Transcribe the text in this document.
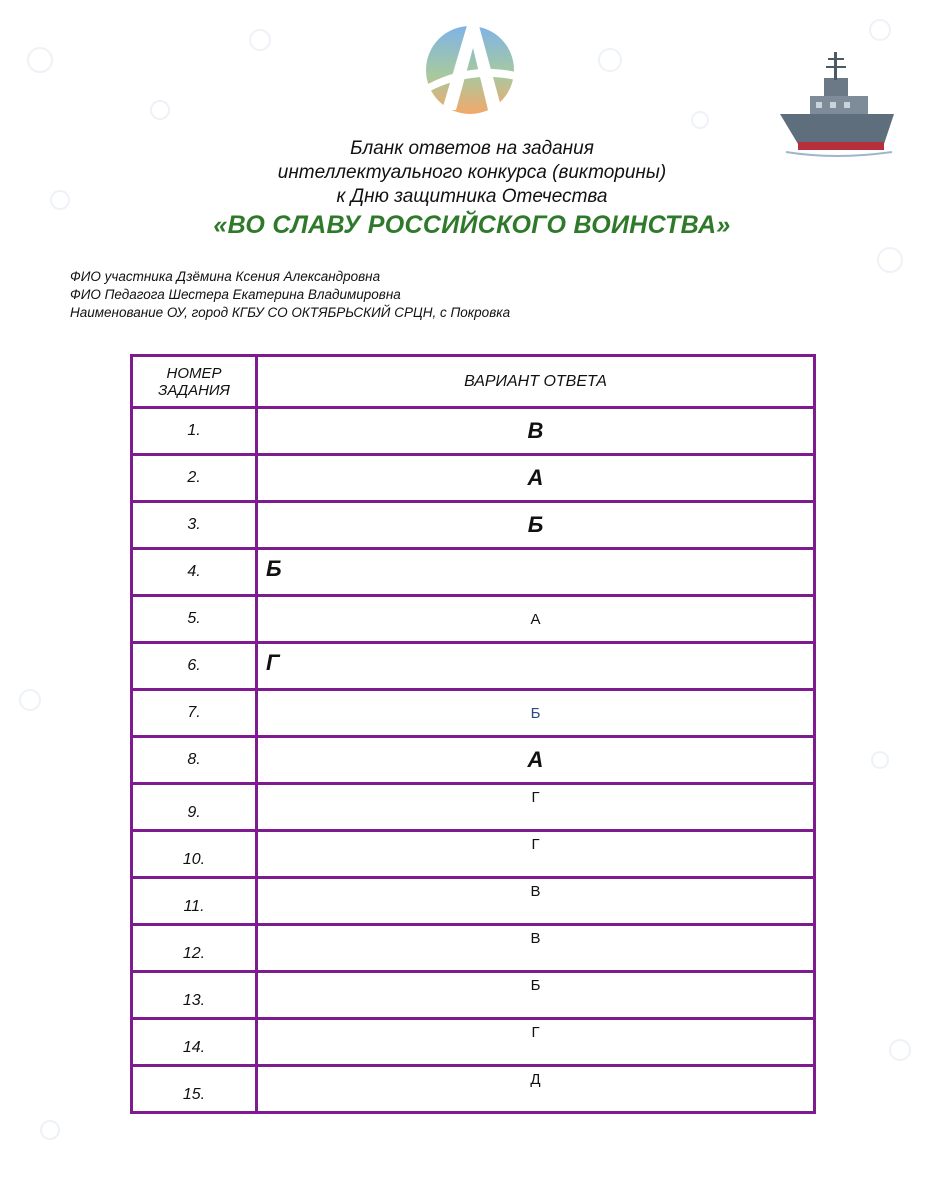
Бланк ответов на задания
интеллектуального конкурса (викторины)
к Дню защитника Отечества
«ВО СЛАВУ РОССИЙСКОГО ВОИНСТВА»
ФИО участника Дзёмина Ксения Александровна
ФИО Педагога Шестера Екатерина Владимировна
Наименование ОУ, город КГБУ СО ОКТЯБРЬСКИЙ СРЦН, с Покровка
НОМЕР ЗАДАНИЯ	ВАРИАНТ ОТВЕТА
1.	В

2.	А

3.	Б

4.	Б

5.	А

6.	Г

7.	Б

8.	А

9.	Г

10.	Г

11.	В

12.	В

13.	Б

14.	Г

15.	Д
